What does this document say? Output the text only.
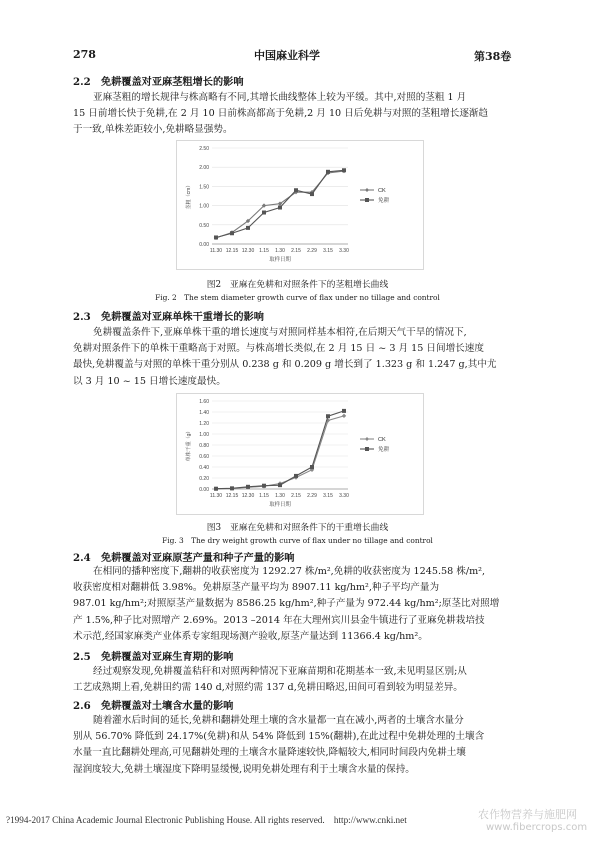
278	中国麻业科学	第38卷
2.2　免耕覆盖对亚麻茎粗增长的影响
亚麻茎粗的增长规律与株高略有不同,其增长曲线整体上较为平缓。其中,对照的茎粗 1 月
15 日前增长快于免耕,在 2 月 10 日前株高都高于免耕,2 月 10 日后免耕与对照的茎粗增长逐渐趋
于一致,单株差距较小,免耕略显强势。
0.00
0.50
1.00
1.50
2.00
2.50
11.30 12.15 12.30 1.15 1.30 2.15 2.29 3.15 3.30
取样日期
茎粗（cm）	CK
免耕
图2　亚麻在免耕和对照条件下的茎粗增长曲线
Fig. 2　The stem diameter growth curve of flax under no tillage and control
2.3　免耕覆盖对亚麻单株干重增长的影响
免耕覆盖条件下,亚麻单株干重的增长速度与对照同样基本相符,在后期天气干旱的情况下,
免耕对照条件下的单株干重略高于对照。与株高增长类似,在 2 月 15 日 ~ 3 月 15 日间增长速度
最快,免耕覆盖与对照的单株干重分别从 0.238 g 和 0.209 g 增长到了 1.323 g 和 1.247 g,其中尤
以 3 月 10 ~ 15 日增长速度最快。
0.00
0.20
0.40
0.60
0.80
1.00
1.20
1.40
1.60
11.30 12.15 12.30 1.15 1.30 2.15 2.29 3.15 3.30
取样日期
单株干重（g）	CK
免耕
图3　亚麻在免耕和对照条件下的干重增长曲线
Fig. 3　The dry weight growth curve of flax under no tillage and control
2.4　免耕覆盖对亚麻原茎产量和种子产量的影响
在相同的播种密度下,翻耕的收获密度为 1292.27 株/m²,免耕的收获密度为 1245.58 株/m²,
收获密度相对翻耕低 3.98%。免耕原茎产量平均为 8907.11 kg/hm²,种子平均产量为
987.01 kg/hm²;对照原茎产量数据为 8586.25 kg/hm²,种子产量为 972.44 kg/hm²;原茎比对照增
产 1.5%,种子比对照增产 2.69%。2013 –2014 年在大理州宾川县金牛镇进行了亚麻免耕栽培技
术示范,经国家麻类产业体系专家组现场测产验收,原茎产量达到 11366.4 kg/hm²。
2.5　免耕覆盖对亚麻生育期的影响
经过观察发现,免耕覆盖秸秆和对照两种情况下亚麻苗期和花期基本一致,未见明显区别;从
工艺成熟期上看,免耕田约需 140 d,对照约需 137 d,免耕田略迟,田间可看到较为明显差异。
2.6　免耕覆盖对土壤含水量的影响
随着灌水后时间的延长,免耕和翻耕处理土壤的含水量都一直在减小,两者的土壤含水量分
别从 56.70% 降低到 24.17%(免耕)和从 54% 降低到 15%(翻耕),在此过程中免耕处理的土壤含
水量一直比翻耕处理高,可见翻耕处理的土壤含水量降速较快,降幅较大,相同时间段内免耕土壤
湿润度较大,免耕土壤湿度下降明显缓慢,说明免耕处理有利于土壤含水量的保持。
?1994-2017 China Academic Journal Electronic Publishing House. All rights reserved.　http://www.cnki.net	农作物营养与施肥网
www.fibercrops.com
